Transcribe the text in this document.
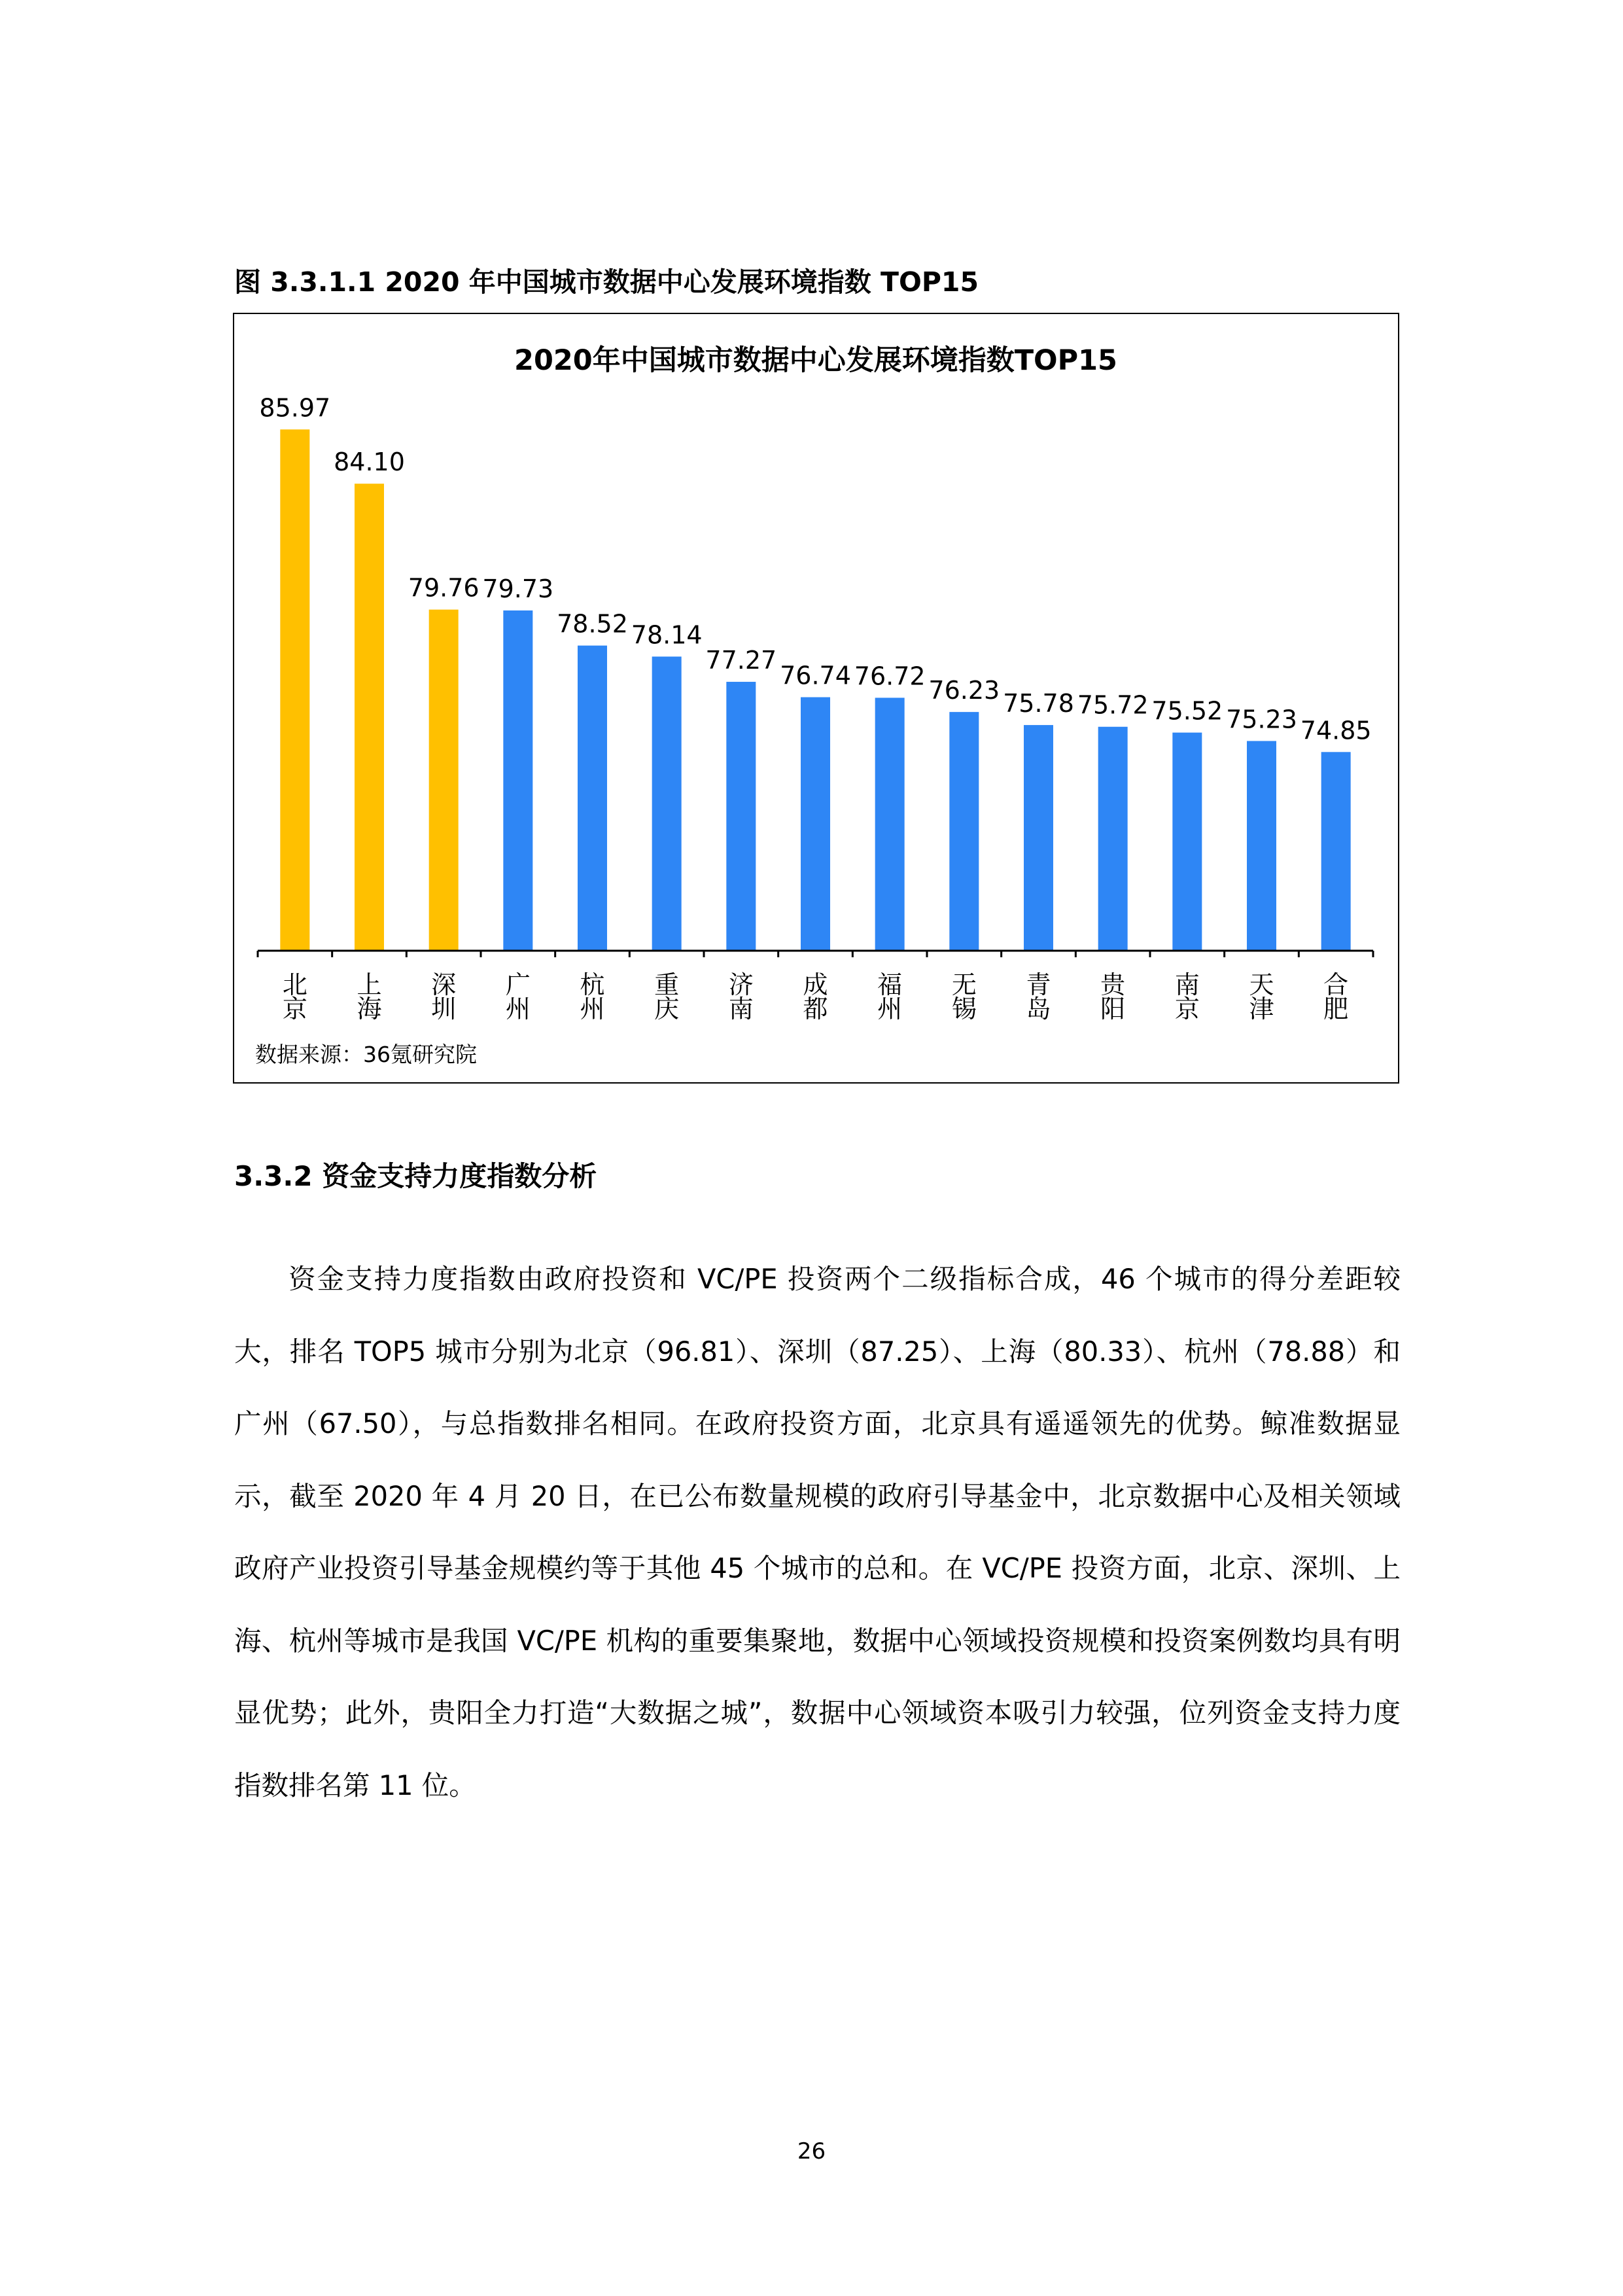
图 3.3.1.1 2020 年中国城市数据中心发展环境指数 TOP15
2020年中国城市数据中心发展环境指数TOP15
85.97
84.10
79.76 79.73
78.52 78.14
77.27
76.74 76.72 76.23 75.78 75.72 75.52 75.23 74.85
北
京
上
海
深
圳
广
州
杭
州
重
庆
济
南
成
都
福
州
无
锡
青
岛
贵
阳
南
京
天
津
合
肥
数据来源：36氪研究院
3.3.2 资金支持力度指数分析

资金支持力度指数由政府投资和 VC/PE 投资两个二级指标合成，46 个城市的得分差距较大，排名 TOP5 城市分别为北京（96.81）、深圳（87.25）、上海（80.33）、杭州（78.88）和广州（67.50），与总指数排名相同。在政府投资方面，北京具有遥遥领先的优势。鲸准数据显示，截至 2020 年 4 月 20 日，在已公布数量规模的政府引导基金中，北京数据中心及相关领域政府产业投资引导基金规模约等于其他 45 个城市的总和。在 VC/PE 投资方面，北京、深圳、上海、杭州等城市是我国 VC/PE 机构的重要集聚地，数据中心领域投资规模和投资案例数均具有明显优势；此外，贵阳全力打造“大数据之城”，数据中心领域资本吸引力较强，位列资金支持力度指数排名第 11 位。

26
